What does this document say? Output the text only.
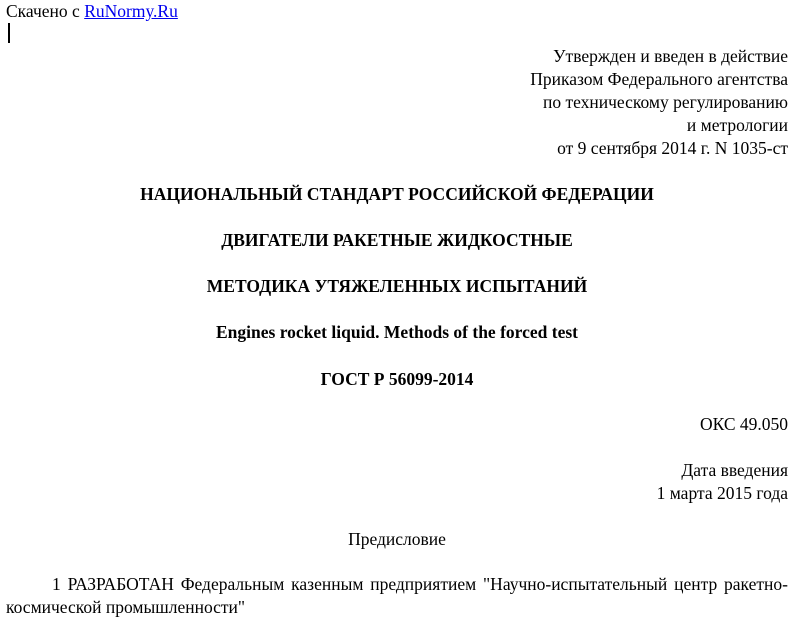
Скачено с RuNormy.Ru
Утвержден и введен в действие
Приказом Федерального агентства
по техническому регулированию
и метрологии
от 9 сентября 2014 г. N 1035-ст
НАЦИОНАЛЬНЫЙ СТАНДАРТ РОССИЙСКОЙ ФЕДЕРАЦИИ
ДВИГАТЕЛИ РАКЕТНЫЕ ЖИДКОСТНЫЕ
МЕТОДИКА УТЯЖЕЛЕННЫХ ИСПЫТАНИЙ
Engines rocket liquid. Methods of the forced test
ГОСТ Р 56099-2014
ОКС 49.050
Дата введения
1 марта 2015 года
Предисловие
1 РАЗРАБОТАН Федеральным казенным предприятием "Научно-испытательный центр ракетно-космической промышленности"
